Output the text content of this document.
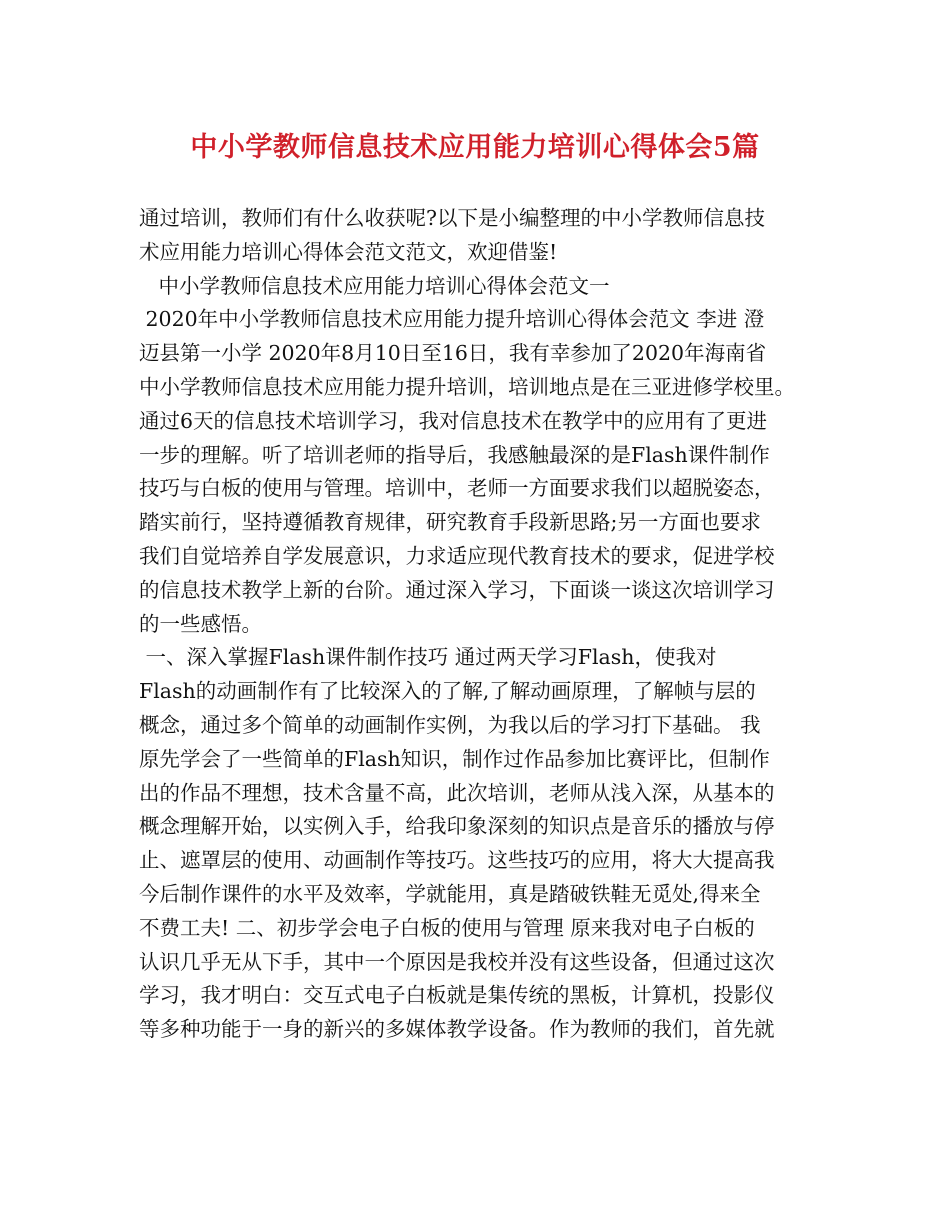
中小学教师信息技术应用能力培训心得体会5篇
通过培训，教师们有什么收获呢?以下是小编整理的中小学教师信息技
术应用能力培训心得体会范文范文，欢迎借鉴!
中小学教师信息技术应用能力培训心得体会范文一
2020年中小学教师信息技术应用能力提升培训心得体会范文 李进 澄
迈县第一小学 2020年8月10日至16日，我有幸参加了2020年海南省
中小学教师信息技术应用能力提升培训，培训地点是在三亚进修学校里。
通过6天的信息技术培训学习，我对信息技术在教学中的应用有了更进
一步的理解。听了培训老师的指导后，我感触最深的是Flash课件制作
技巧与白板的使用与管理。培训中，老师一方面要求我们以超脱姿态，
踏实前行，坚持遵循教育规律，研究教育手段新思路;另一方面也要求
我们自觉培养自学发展意识，力求适应现代教育技术的要求，促进学校
的信息技术教学上新的台阶。通过深入学习，下面谈一谈这次培训学习
的一些感悟。
一、深入掌握Flash课件制作技巧 通过两天学习Flash，使我对
Flash的动画制作有了比较深入的了解,了解动画原理，了解帧与层的
概念，通过多个简单的动画制作实例，为我以后的学习打下基础。 我
原先学会了一些简单的Flash知识，制作过作品参加比赛评比，但制作
出的作品不理想，技术含量不高，此次培训，老师从浅入深，从基本的
概念理解开始，以实例入手，给我印象深刻的知识点是音乐的播放与停
止、遮罩层的使用、动画制作等技巧。这些技巧的应用，将大大提高我
今后制作课件的水平及效率，学就能用，真是踏破铁鞋无觅处,得来全
不费工夫! 二、初步学会电子白板的使用与管理 原来我对电子白板的
认识几乎无从下手，其中一个原因是我校并没有这些设备，但通过这次
学习，我才明白：交互式电子白板就是集传统的黑板，计算机，投影仪
等多种功能于一身的新兴的多媒体教学设备。作为教师的我们，首先就
